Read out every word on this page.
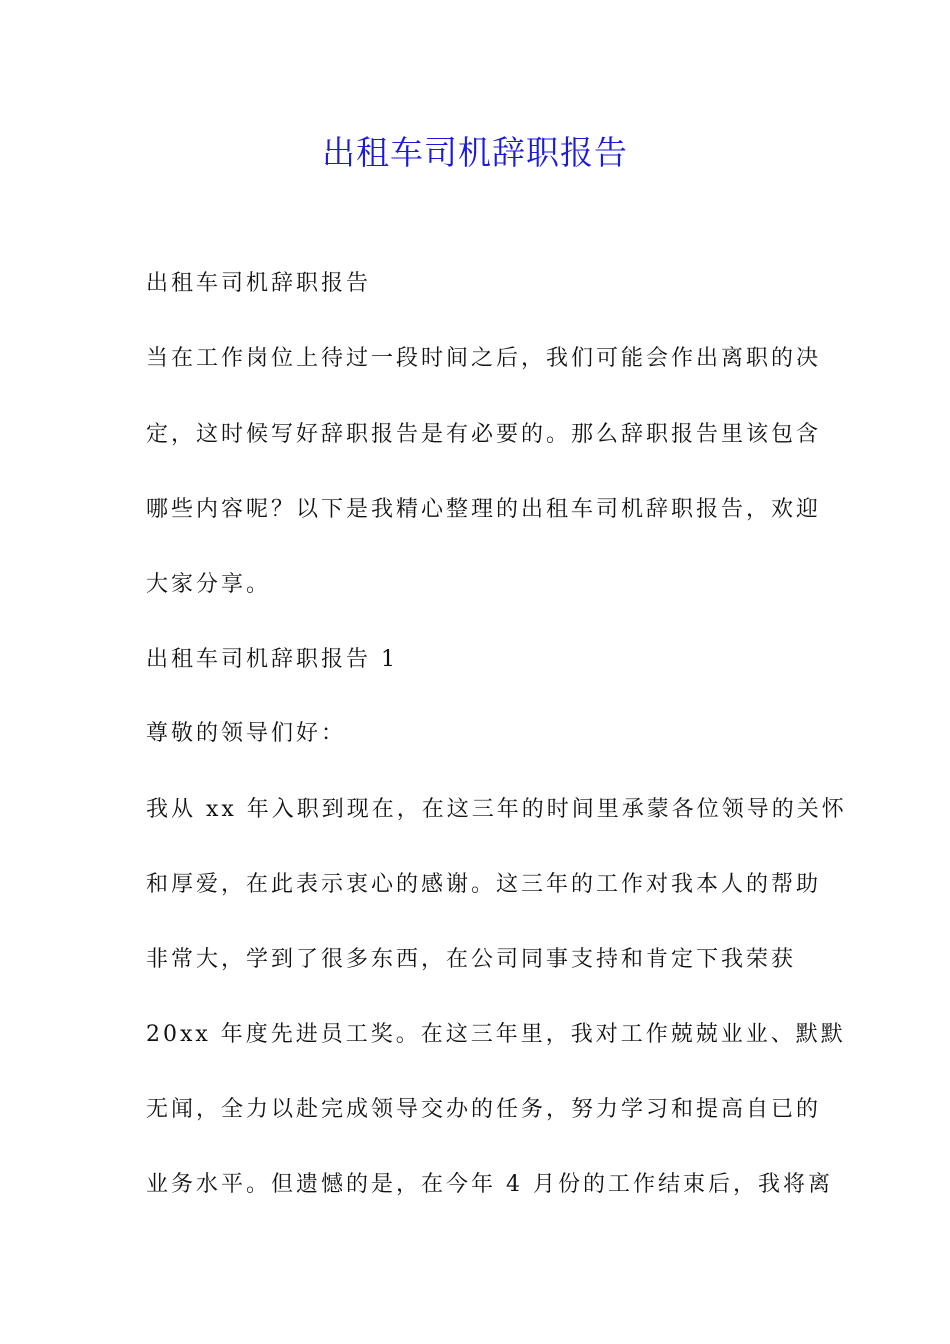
出租车司机辞职报告
出租车司机辞职报告
当在工作岗位上待过一段时间之后，我们可能会作出离职的决
定，这时候写好辞职报告是有必要的。那么辞职报告里该包含
哪些内容呢？以下是我精心整理的出租车司机辞职报告，欢迎
大家分享。
出租车司机辞职报告 1
尊敬的领导们好：
我从 xx 年入职到现在，在这三年的时间里承蒙各位领导的关怀
和厚爱，在此表示衷心的感谢。这三年的工作对我本人的帮助
非常大，学到了很多东西，在公司同事支持和肯定下我荣获
20xx 年度先进员工奖。在这三年里，我对工作兢兢业业、默默
无闻，全力以赴完成领导交办的任务，努力学习和提高自已的
业务水平。但遗憾的是，在今年 4 月份的工作结束后，我将离
